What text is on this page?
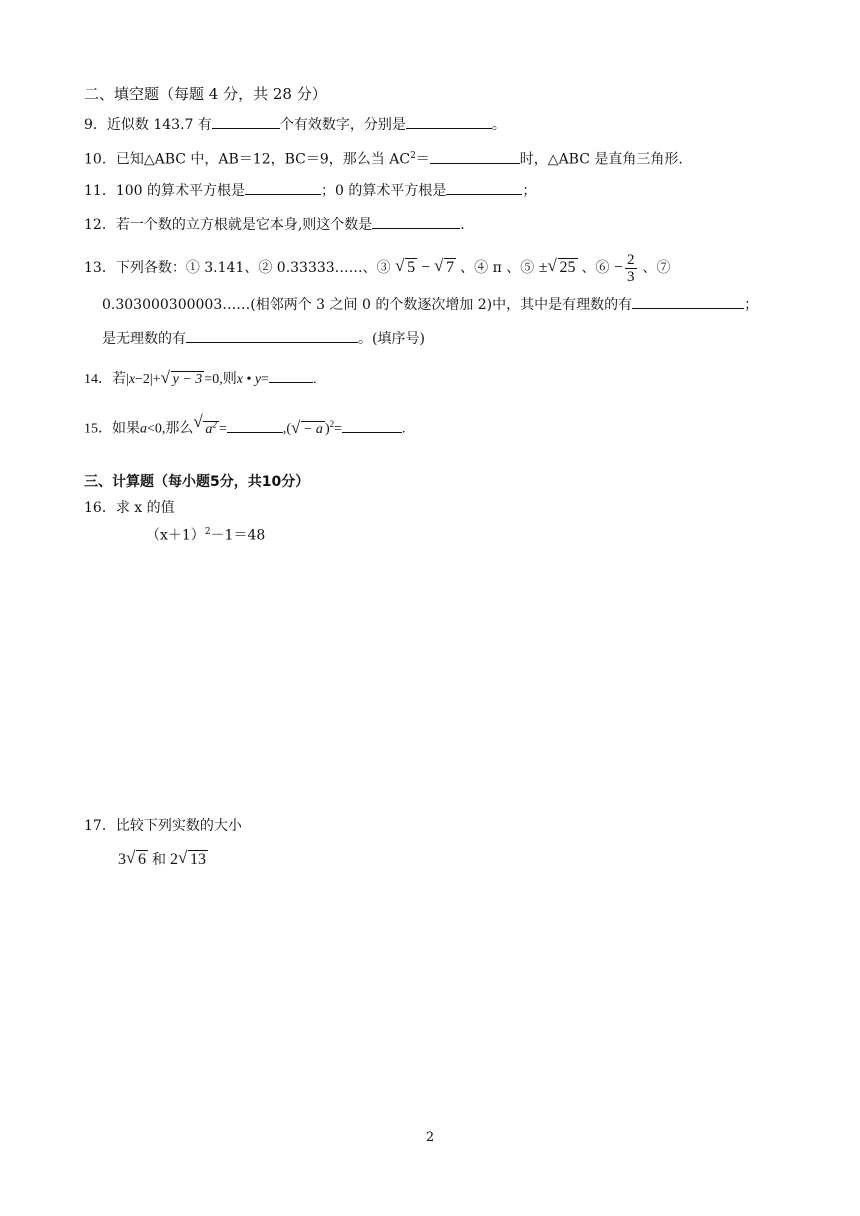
二、填空题（每题 4 分，共 28 分）
9．近似数 143.7 有	个有效数字，分别是	。
10．已知△ABC 中，AB＝12，BC＝9，那么当 $AC^2=$	时，△ABC 是直角三角形.
11．100 的算术平方根是	；0 的算术平方根是	；
12．若一个数的立方根就是它本身,则这个数是	.
13．下列各数：① 3.141、② 0.33333……、③ √ 5 − √ 7 、④ π 、⑤ ± √ 25 、⑥ − $\frac{2}{3}$ 、⑦
0.303000300003……(相邻两个 3 之间 0 的个数逐次增加 2)中，其中是有理数的有	；
是无理数的有	。(填序号)
14．若|x−2|+ √ y − 3 =0,则x • y=	.
15．如果a<0,那么 √ $a^2$ =	,( √ − a )$^2$=	.
三、计算题（每小题5分，共10分）
16．求 x 的值
$(x+1)^2-1=48$
17．比较下列实数的大小
3 √ 6 和 2 √ 13
2
